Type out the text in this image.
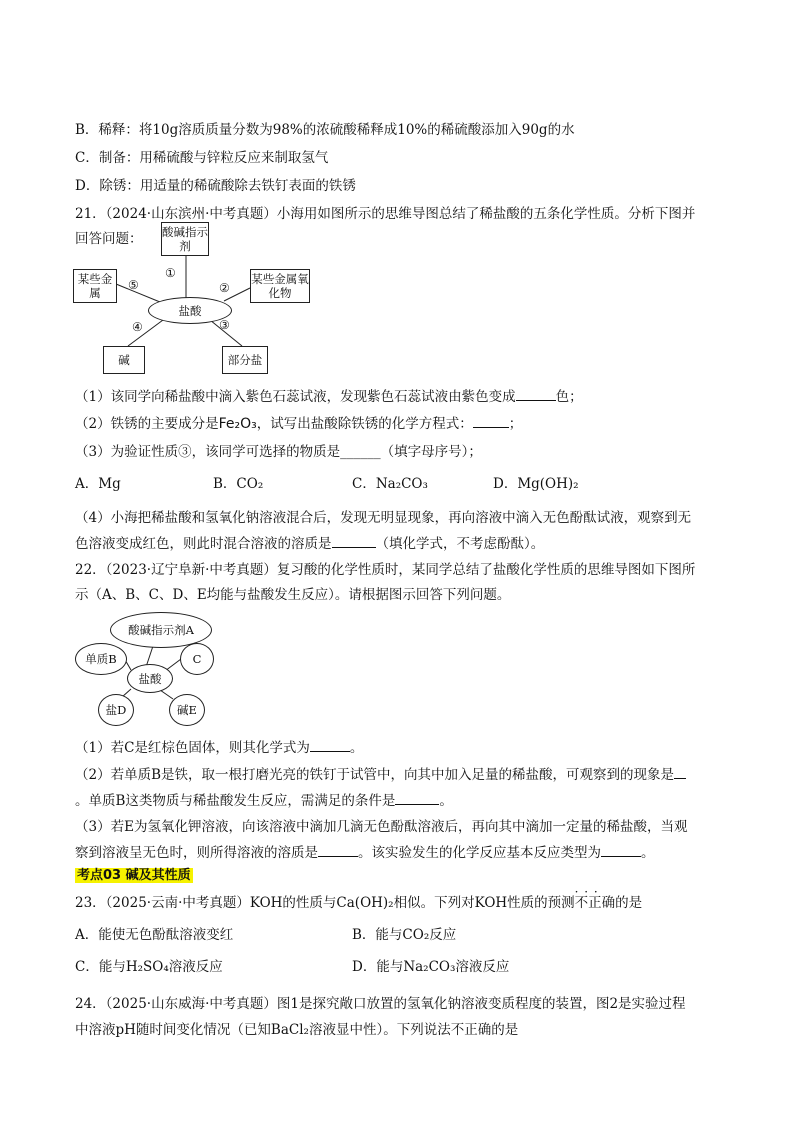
B．稀释：将10g溶质质量分数为98%的浓硫酸稀释成10%的稀硫酸添加入90g的水
C．制备：用稀硫酸与锌粒反应来制取氢气
D．除锈：用适量的稀硫酸除去铁钉表面的铁锈
21．（2024·山东滨州·中考真题）小海用如图所示的思维导图总结了稀盐酸的五条化学性质。分析下图并
回答问题： 酸碱指示剂
某些金属
某些金属氧化物
碱	部分盐
盐酸
①
②
③
④
⑤
（1）该同学向稀盐酸中滴入紫色石蕊试液，发现紫色石蕊试液由紫色变成	色；
（2）铁锈的主要成分是Fe₂O₃，试写出盐酸除铁锈的化学方程式：	；
（3）为验证性质③，该同学可选择的物质是______（填字母序号）；
A．Mg	B．CO₂	C．Na₂CO₃	D．Mg(OH)₂
（4）小海把稀盐酸和氢氧化钠溶液混合后，发现无明显现象，再向溶液中滴入无色酚酞试液，观察到无
色溶液变成红色，则此时混合溶液的溶质是	（填化学式，不考虑酚酞）。
22．（2023·辽宁阜新·中考真题）复习酸的化学性质时，某同学总结了盐酸化学性质的思维导图如下图所
示（A、B、C、D、E均能与盐酸发生反应）。请根据图示回答下列问题。
酸碱指示剂A
单质B	C
盐酸
盐D	碱E
（1）若C是红棕色固体，则其化学式为	。
（2）若单质B是铁，取一根打磨光亮的铁钉于试管中，向其中加入足量的稀盐酸，可观察到的现象是
。单质B这类物质与稀盐酸发生反应，需满足的条件是	。
（3）若E为氢氧化钾溶液，向该溶液中滴加几滴无色酚酞溶液后，再向其中滴加一定量的稀盐酸，当观
察到溶液呈无色时，则所得溶液的溶质是	。该实验发生的化学反应基本反应类型为	。
考点03 碱及其性质
23．（2025·云南·中考真题）KOH的性质与Ca(OH)₂相似。下列对KOH性质的预测· · · 不正确的是
A．能使无色酚酞溶液变红	B．能与CO₂反应
C．能与H₂SO₄溶液反应	D．能与Na₂CO₃溶液反应
24．（2025·山东威海·中考真题）图1是探究敞口放置的氢氧化钠溶液变质程度的装置，图2是实验过程
中溶液pH随时间变化情况（已知BaCl₂溶液显中性）。下列说法不正确的是
